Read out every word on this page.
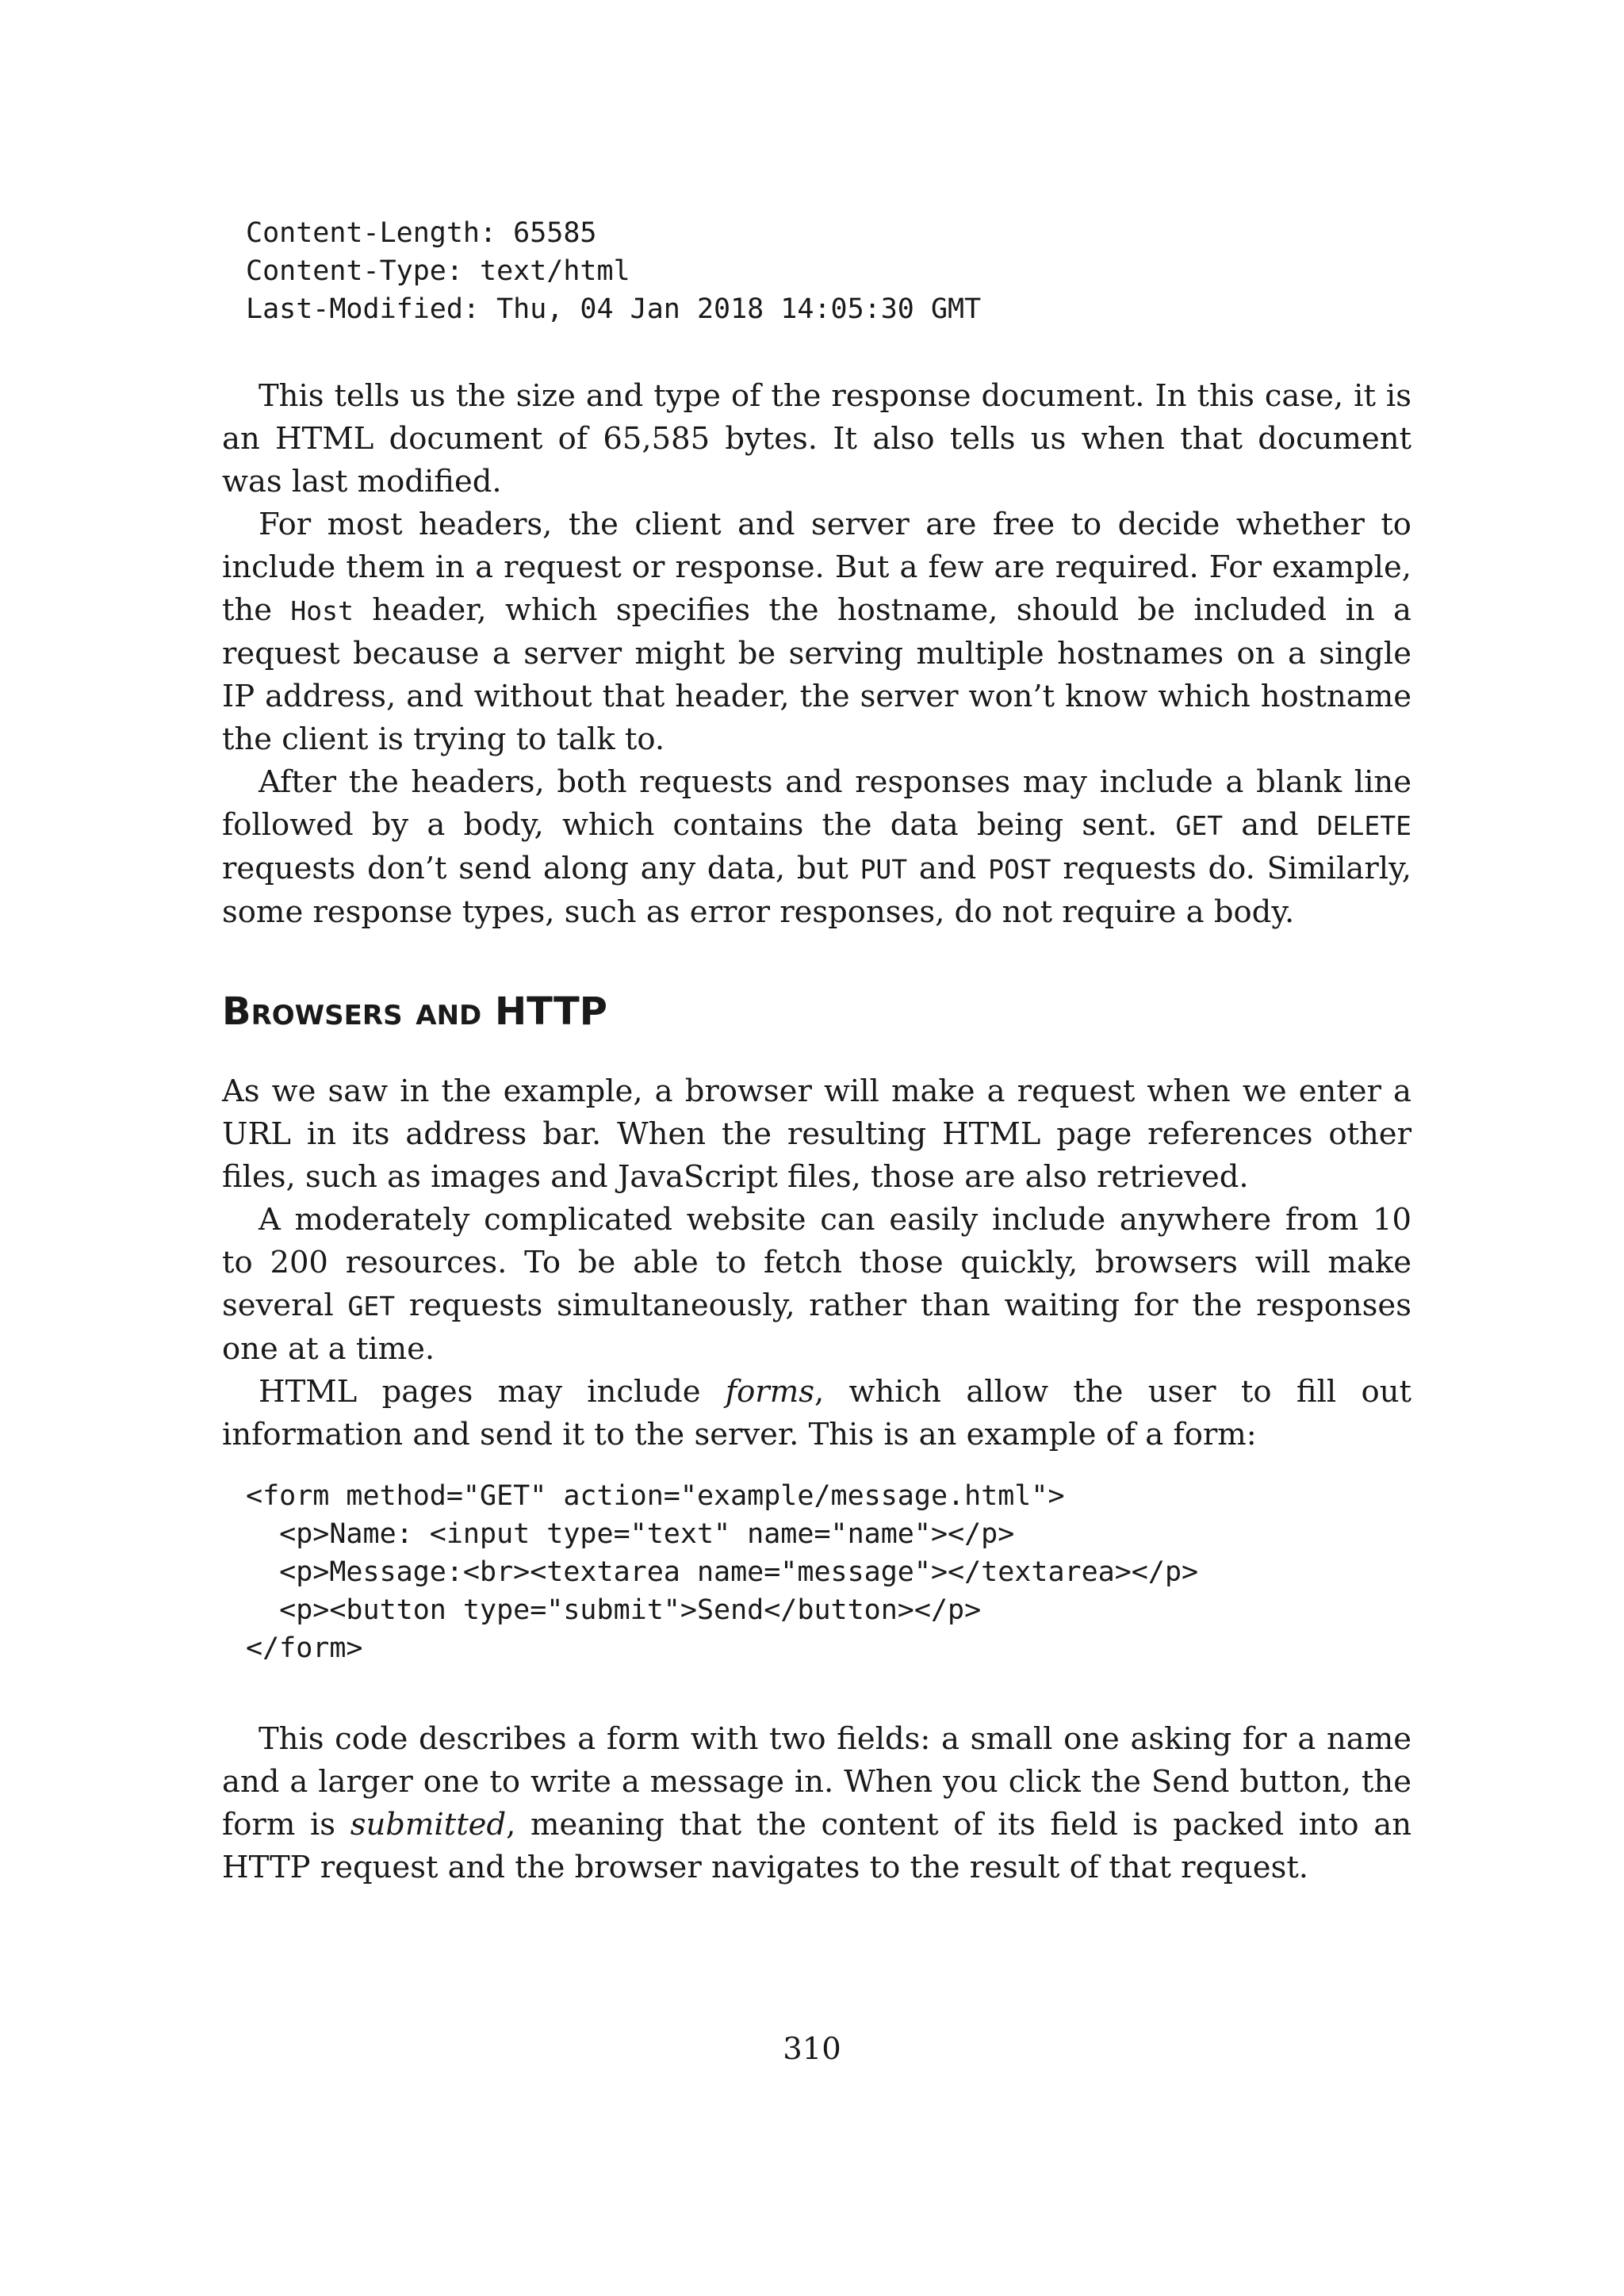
Content-Length: 65585
Content-Type: text/html
Last-Modified: Thu, 04 Jan 2018 14:05:30 GMT

This tells us the size and type of the response document. In this case, it is an HTML document of 65,585 bytes. It also tells us when that document was last modified.

For most headers, the client and server are free to decide whether to include them in a request or response. But a few are required. For example, the Host header, which specifies the hostname, should be included in a request because a server might be serving multiple hostnames on a single IP address, and without that header, the server won’t know which hostname the client is trying to talk to.

After the headers, both requests and responses may include a blank line followed by a body, which contains the data being sent. GET and DELETE requests don’t send along any data, but PUT and POST requests do. Similarly, some response types, such as error responses, do not require a body.

Browsers and HTTP

As we saw in the example, a browser will make a request when we enter a URL in its address bar. When the resulting HTML page references other files, such as images and JavaScript files, those are also retrieved.

A moderately complicated website can easily include anywhere from 10 to 200 resources. To be able to fetch those quickly, browsers will make several GET requests simultaneously, rather than waiting for the responses one at a time.

HTML pages may include forms, which allow the user to fill out information and send it to the server. This is an example of a form:

<form method="GET" action="example/message.html">
<p>Name: <input type="text" name="name"></p>
<p>Message:<br><textarea name="message"></textarea></p>
<p><button type="submit">Send</button></p>
</form>

This code describes a form with two fields: a small one asking for a name and a larger one to write a message in. When you click the Send button, the form is submitted, meaning that the content of its field is packed into an HTTP request and the browser navigates to the result of that request.

310
